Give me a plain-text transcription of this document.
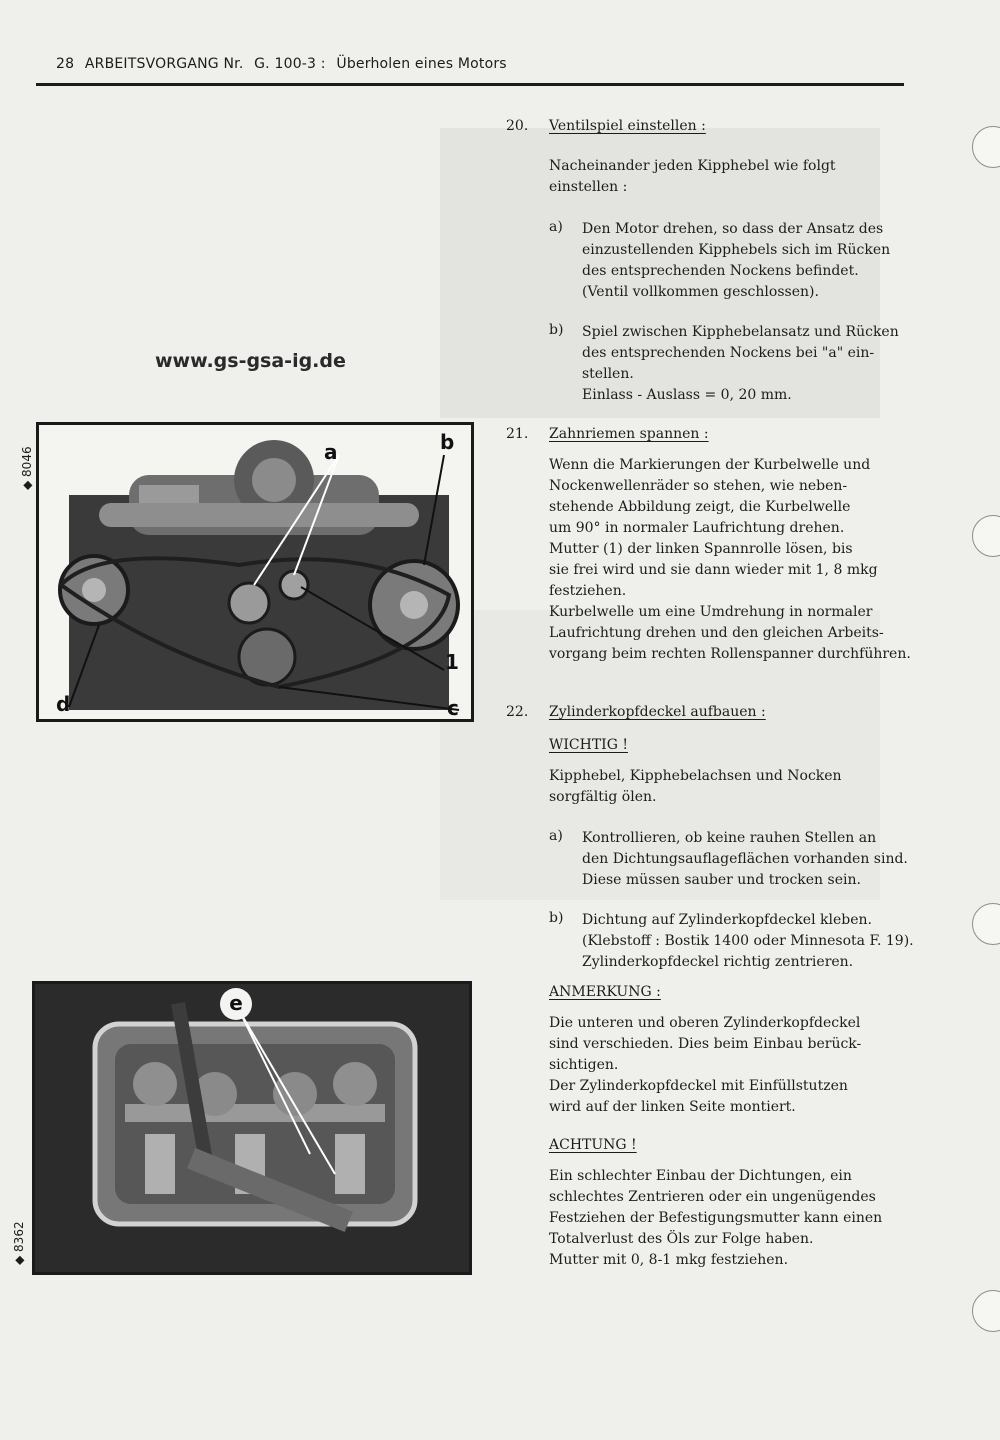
28 ARBEITSVORGANG Nr. G. 100-3 : Überholen eines Motors
www.gs-gsa-ig.de
◆ 8046	a	b
1
c
d
◆ 8362
e
20. Ventilspiel einstellen :
Nacheinander jeden Kipphebel wie folgt
einstellen :
a) Den Motor drehen, so dass der Ansatz des
einzustellenden Kipphebels sich im Rücken
des entsprechenden Nockens befindet.
(Ventil vollkommen geschlossen).
b) Spiel zwischen Kipphebelansatz und Rücken
des entsprechenden Nockens bei "a" ein-
stellen.
Einlass - Auslass = 0, 20 mm.
21. Zahnriemen spannen :
Wenn die Markierungen der Kurbelwelle und
Nockenwellenräder so stehen, wie neben-
stehende Abbildung zeigt, die Kurbelwelle
um 90° in normaler Laufrichtung drehen.
Mutter (1) der linken Spannrolle lösen, bis
sie frei wird und sie dann wieder mit 1, 8 mkg
festziehen.
Kurbelwelle um eine Umdrehung in normaler
Laufrichtung drehen und den gleichen Arbeits-
vorgang beim rechten Rollenspanner durchführen.
22. Zylinderkopfdeckel aufbauen :
WICHTIG !
Kipphebel, Kipphebelachsen und Nocken
sorgfältig ölen.
a) Kontrollieren, ob keine rauhen Stellen an
den Dichtungsauflageflächen vorhanden sind.
Diese müssen sauber und trocken sein.
b) Dichtung auf Zylinderkopfdeckel kleben.
(Klebstoff : Bostik 1400 oder Minnesota F. 19).
Zylinderkopfdeckel richtig zentrieren.
ANMERKUNG :
Die unteren und oberen Zylinderkopfdeckel
sind verschieden. Dies beim Einbau berück-
sichtigen.
Der Zylinderkopfdeckel mit Einfüllstutzen
wird auf der linken Seite montiert.
ACHTUNG !
Ein schlechter Einbau der Dichtungen, ein
schlechtes Zentrieren oder ein ungenügendes
Festziehen der Befestigungsmutter kann einen
Totalverlust des Öls zur Folge haben.
Mutter mit 0, 8-1 mkg festziehen.
